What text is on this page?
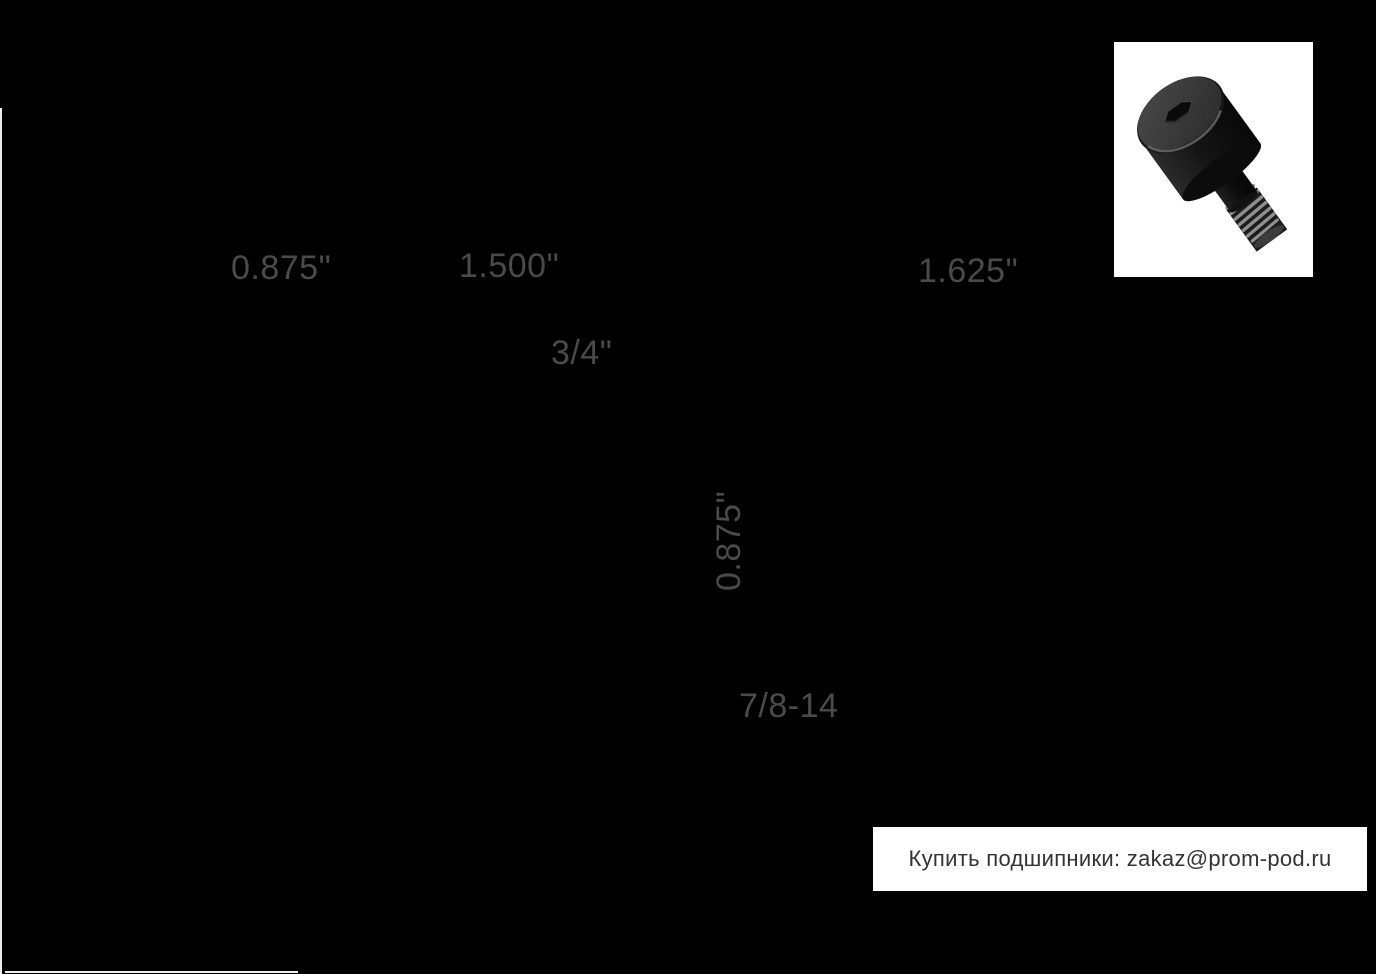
0.875"	1.500"	1.625"
3/4"
0.875"
7/8-14
Купить подшипники: zakaz@prom-pod.ru
